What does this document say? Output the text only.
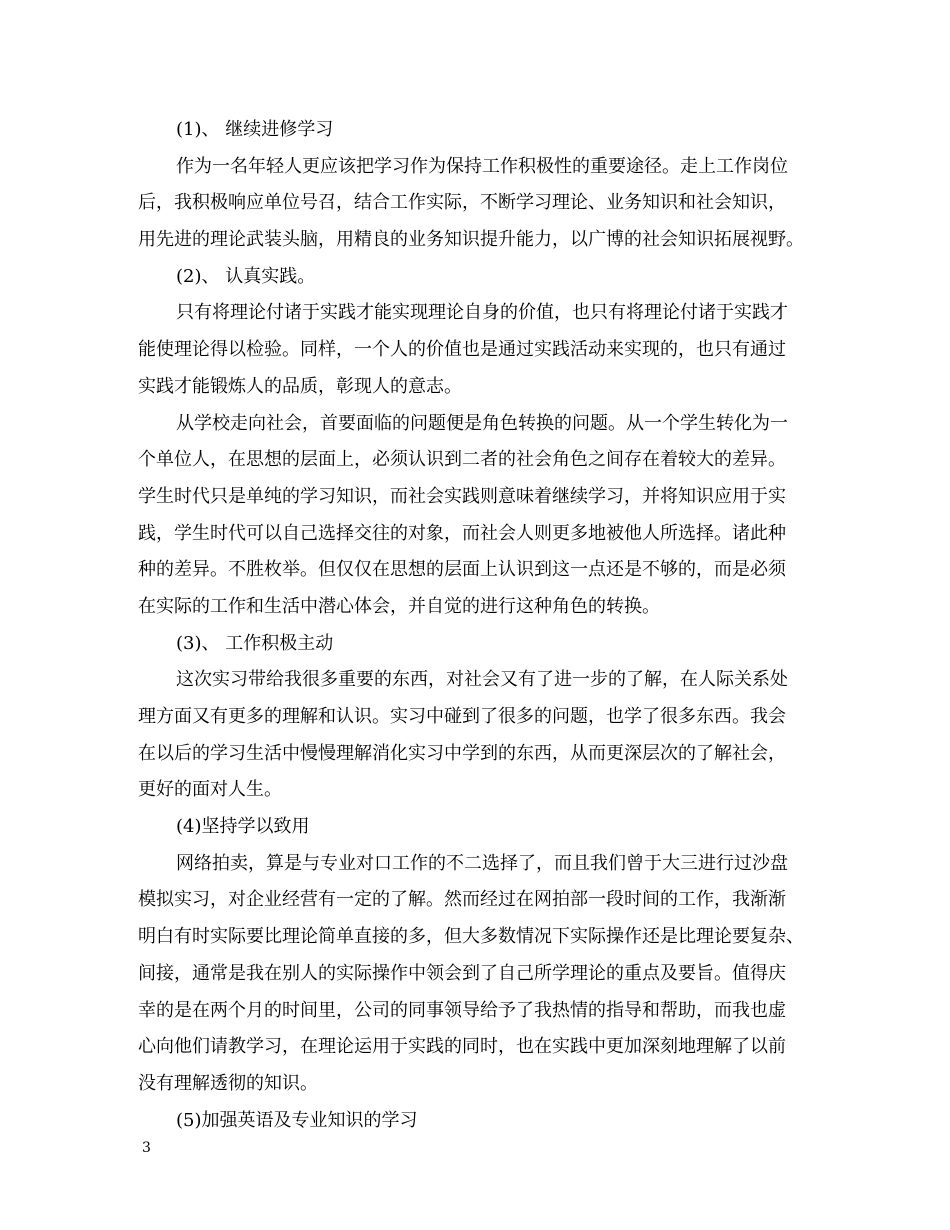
(1)、 继续进修学习
作为一名年轻人更应该把学习作为保持工作积极性的重要途径。走上工作岗位
后，我积极响应单位号召，结合工作实际，不断学习理论、业务知识和社会知识，
用先进的理论武装头脑，用精良的业务知识提升能力，以广博的社会知识拓展视野。
(2)、 认真实践。
只有将理论付诸于实践才能实现理论自身的价值，也只有将理论付诸于实践才
能使理论得以检验。同样，一个人的价值也是通过实践活动来实现的，也只有通过
实践才能锻炼人的品质，彰现人的意志。
从学校走向社会，首要面临的问题便是角色转换的问题。从一个学生转化为一
个单位人，在思想的层面上，必须认识到二者的社会角色之间存在着较大的差异。
学生时代只是单纯的学习知识，而社会实践则意味着继续学习，并将知识应用于实
践，学生时代可以自己选择交往的对象，而社会人则更多地被他人所选择。诸此种
种的差异。不胜枚举。但仅仅在思想的层面上认识到这一点还是不够的，而是必须
在实际的工作和生活中潜心体会，并自觉的进行这种角色的转换。
(3)、 工作积极主动
这次实习带给我很多重要的东西，对社会又有了进一步的了解，在人际关系处
理方面又有更多的理解和认识。实习中碰到了很多的问题，也学了很多东西。我会
在以后的学习生活中慢慢理解消化实习中学到的东西，从而更深层次的了解社会，
更好的面对人生。
(4)坚持学以致用
网络拍卖，算是与专业对口工作的不二选择了，而且我们曾于大三进行过沙盘
模拟实习，对企业经营有一定的了解。然而经过在网拍部一段时间的工作，我渐渐
明白有时实际要比理论简单直接的多，但大多数情况下实际操作还是比理论要复杂、
间接，通常是我在别人的实际操作中领会到了自己所学理论的重点及要旨。值得庆
幸的是在两个月的时间里，公司的同事领导给予了我热情的指导和帮助，而我也虚
心向他们请教学习，在理论运用于实践的同时，也在实践中更加深刻地理解了以前
没有理解透彻的知识。
(5)加强英语及专业知识的学习
3
